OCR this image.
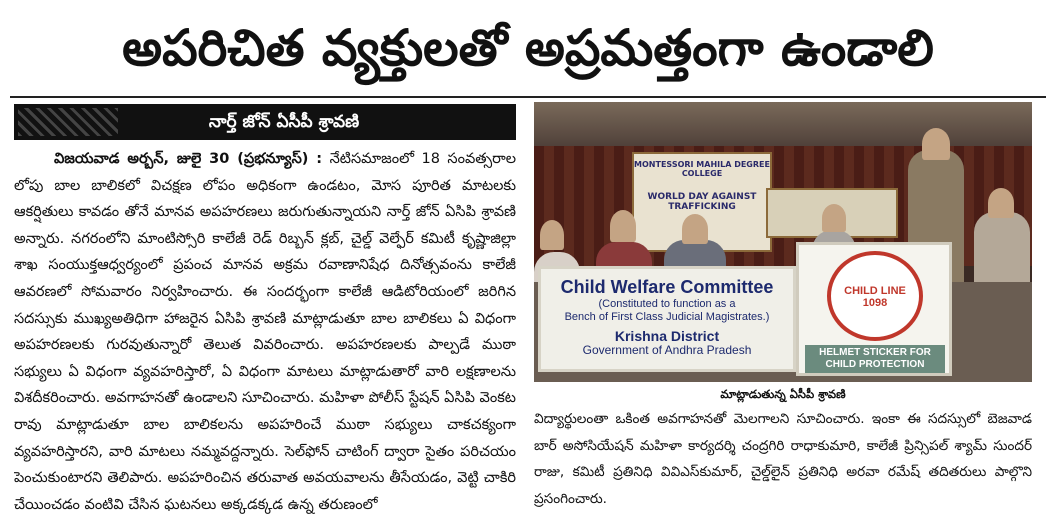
అపరిచిత వ్యక్తులతో అప్రమత్తంగా ఉండాలి
నార్త్ జోన్ ఏసీపీ శ్రావణి

విజయవాడ అర్బన్, జులై 30 (ప్రభన్యూస్) : నేటిసమాజంలో 18 సంవత్సరాల లోపు బాల బాలికలో విచక్షణ లోపం అధికంగా ఉండటం, మోస పూరిత మాటలకు ఆకర్షితులు కావడం తోనే మానవ అపహరణలు జరుగుతున్నాయని నార్త్ జోన్ ఏసిపి శ్రావణి అన్నారు. నగరంలోని మాంటిస్సోరి కాలేజీ రెడ్ రిబ్బన్ క్లబ్, చైల్డ్ వెల్ఫేర్ కమిటీ కృష్ణాజిల్లా శాఖ సంయుక్తఆధ్వర్యంలో ప్రపంచ మానవ అక్రమ రవాణానిషేధ దినోత్సవంను కాలేజీ ఆవరణలో సోమవారం నిర్వహించారు. ఈ సందర్భంగా కాలేజీ ఆడిటోరియంలో జరిగిన సదస్సుకు ముఖ్యఅతిధిగా హాజరైన ఏసిపి శ్రావణి మాట్లాడుతూ బాల బాలికలు ఏ విధంగా అపహరణలకు గురవుతున్నారో తెలుత వివరించారు. అపహరణలకు పాల్పడే ముఠా సభ్యులు ఏ విధంగా వ్యవహరిస్తారో, ఏ విధంగా మాటలు మాట్లాడుతారో వారి లక్షణాలను విశదీకరించారు. అవగాహనతో ఉండాలని సూచించారు. మహిళా పోలీస్ స్టేషన్ ఏసిపి వెంకట రావు మాట్లాడుతూ బాల బాలికలను అపహరించే ముఠా సభ్యులు చాకచక్యంగా వ్యవహరిస్తారని, వారి మాటలు నమ్మవద్దన్నారు. సెల్‌ఫోన్ చాటింగ్ ద్వారా సైతం పరిచయం పెంచుకుంటారని తెలిపారు. అపహరించిన తరువాత అవయవాలను తీసేయడం, వెట్టి చాకిరి చేయించడం వంటివి చేసిన ఘటనలు అక్కడక్కడ ఉన్న తరుణంలో

MONTESSORI MAHILA DEGREE COLLEGE
WORLD DAY AGAINST TRAFFICKING
Child Welfare Committee
(Constituted to function as a
Bench of First Class Judicial Magistrates.)
Krishna District
Government of Andhra Pradesh
CHILD LINE 1098
HELMET STICKER FOR CHILD PROTECTION
మాట్లాడుతున్న ఏసీపీ శ్రావణి

విద్యార్థులంతా ఒకింత అవగాహనతో మెలగాలని సూచించారు. ఇంకా ఈ సదస్సులో బెజవాడ బార్ అసోసియేషన్ మహిళా కార్యదర్శి చంద్రగిరి రాధాకుమారి, కాలేజీ ప్రిన్సిపల్ శ్యామ్ సుందర్ రాజు, కమిటీ ప్రతినిధి వివిఎస్‌కుమార్, చైల్డ్‌లైన్ ప్రతినిధి అరవా రమేష్ తదితరులు పాల్గొని ప్రసంగించారు.
